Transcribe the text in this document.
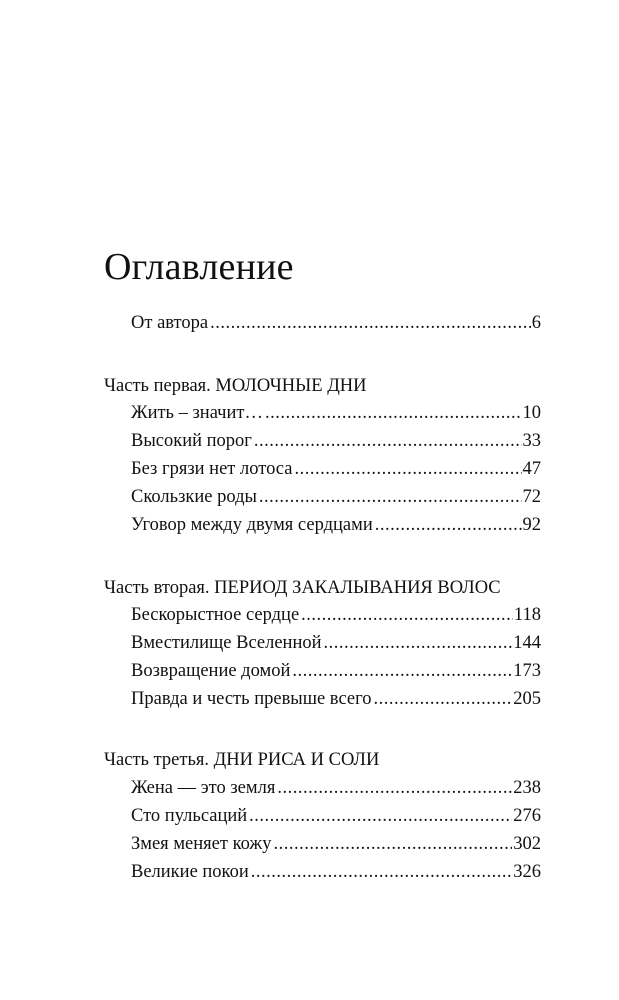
Оглавление
От автора .....	6
Часть первая. МОЛОЧНЫЕ ДНИ
Жить – значит… .....	10
Высокий порог .....	33
Без грязи нет лотоса .....	47
Скользкие роды .....	72
Уговор между двумя сердцами .....	92
Часть вторая. ПЕРИОД ЗАКАЛЫВАНИЯ ВОЛОС
Бескорыстное сердце .....	118
Вместилище Вселенной .....	144
Возвращение домой .....	173
Правда и честь превыше всего .....	205
Часть третья. ДНИ РИСА И СОЛИ
Жена — это земля .....	238
Сто пульсаций .....	276
Змея меняет кожу .....	302
Великие покои .....	326
